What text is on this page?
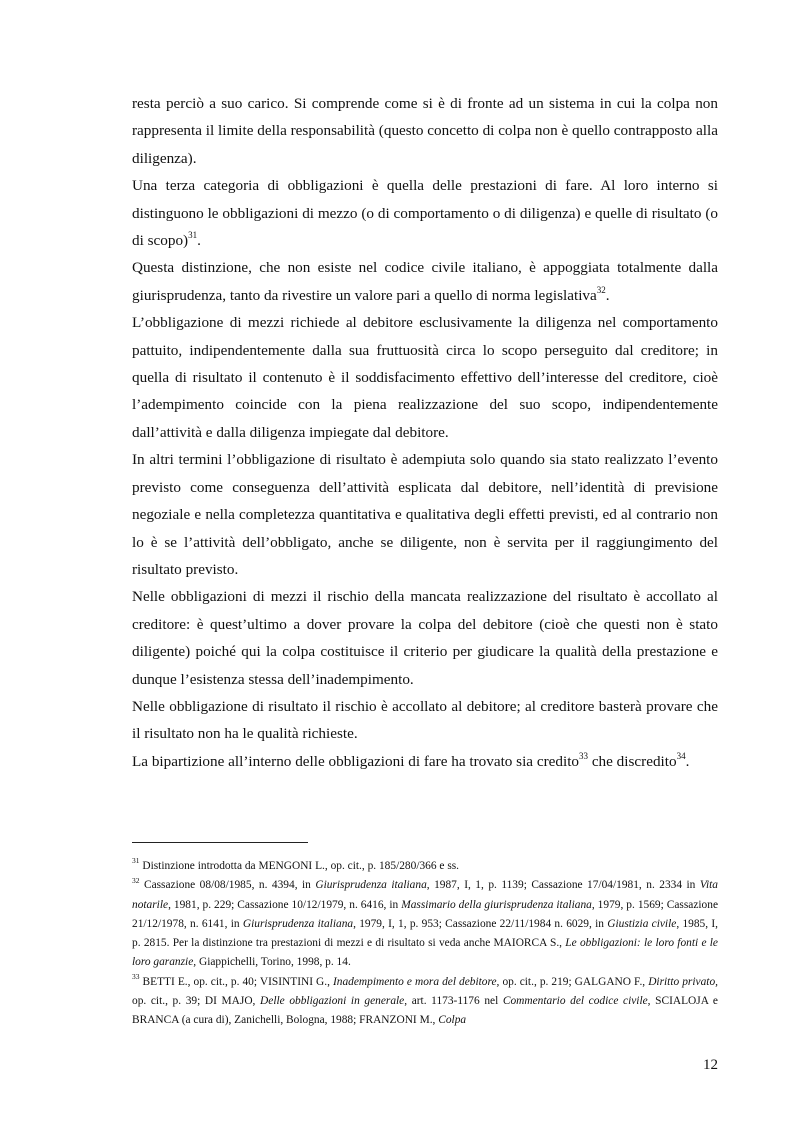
resta perciò a suo carico. Si comprende come si è di fronte ad un sistema in cui la colpa non rappresenta il limite della responsabilità (questo concetto di colpa non è quello contrapposto alla diligenza).

Una terza categoria di obbligazioni è quella delle prestazioni di fare. Al loro interno si distinguono le obbligazioni di mezzo (o di comportamento o di diligenza) e quelle di risultato (o di scopo)$^{31}$.

Questa distinzione, che non esiste nel codice civile italiano, è appoggiata totalmente dalla giurisprudenza, tanto da rivestire un valore pari a quello di norma legislativa$^{32}$.

L’obbligazione di mezzi richiede al debitore esclusivamente la diligenza nel comportamento pattuito, indipendentemente dalla sua fruttuosità circa lo scopo perseguito dal creditore; in quella di risultato il contenuto è il soddisfacimento effettivo dell’interesse del creditore, cioè l’adempimento coincide con la piena realizzazione del suo scopo, indipendentemente dall’attività e dalla diligenza impiegate dal debitore.

In altri termini l’obbligazione di risultato è adempiuta solo quando sia stato realizzato l’evento previsto come conseguenza dell’attività esplicata dal debitore, nell’identità di previsione negoziale e nella completezza quantitativa e qualitativa degli effetti previsti, ed al contrario non lo è se l’attività dell’obbligato, anche se diligente, non è servita per il raggiungimento del risultato previsto.

Nelle obbligazioni di mezzi il rischio della mancata realizzazione del risultato è accollato al creditore: è quest’ultimo a dover provare la colpa del debitore (cioè che questi non è stato diligente) poiché qui la colpa costituisce il criterio per giudicare la qualità della prestazione e dunque l’esistenza stessa dell’inadempimento.

Nelle obbligazione di risultato il rischio è accollato al debitore; al creditore basterà provare che il risultato non ha le qualità richieste.

La bipartizione all’interno delle obbligazioni di fare ha trovato sia credito$^{33}$ che discredito$^{34}$.

$^{31}$ Distinzione introdotta da MENGONI L., op. cit., p. 185/280/366 e ss.

$^{32}$ Cassazione 08/08/1985, n. 4394, in Giurisprudenza italiana, 1987, I, 1, p. 1139; Cassazione 17/04/1981, n. 2334 in Vita notarile, 1981, p. 229; Cassazione 10/12/1979, n. 6416, in Massimario della giurisprudenza italiana, 1979, p. 1569; Cassazione 21/12/1978, n. 6141, in Giurisprudenza italiana, 1979, I, 1, p. 953; Cassazione 22/11/1984 n. 6029, in Giustizia civile, 1985, I, p. 2815. Per la distinzione tra prestazioni di mezzi e di risultato si veda anche MAIORCA S., Le obbligazioni: le loro fonti e le loro garanzie, Giappichelli, Torino, 1998, p. 14.

$^{33}$ BETTI E., op. cit., p. 40; VISINTINI G., Inadempimento e mora del debitore, op. cit., p. 219; GALGANO F., Diritto privato, op. cit., p. 39; DI MAJO, Delle obbligazioni in generale, art. 1173-1176 nel Commentario del codice civile, SCIALOJA e BRANCA (a cura di), Zanichelli, Bologna, 1988; FRANZONI M., Colpa

12
